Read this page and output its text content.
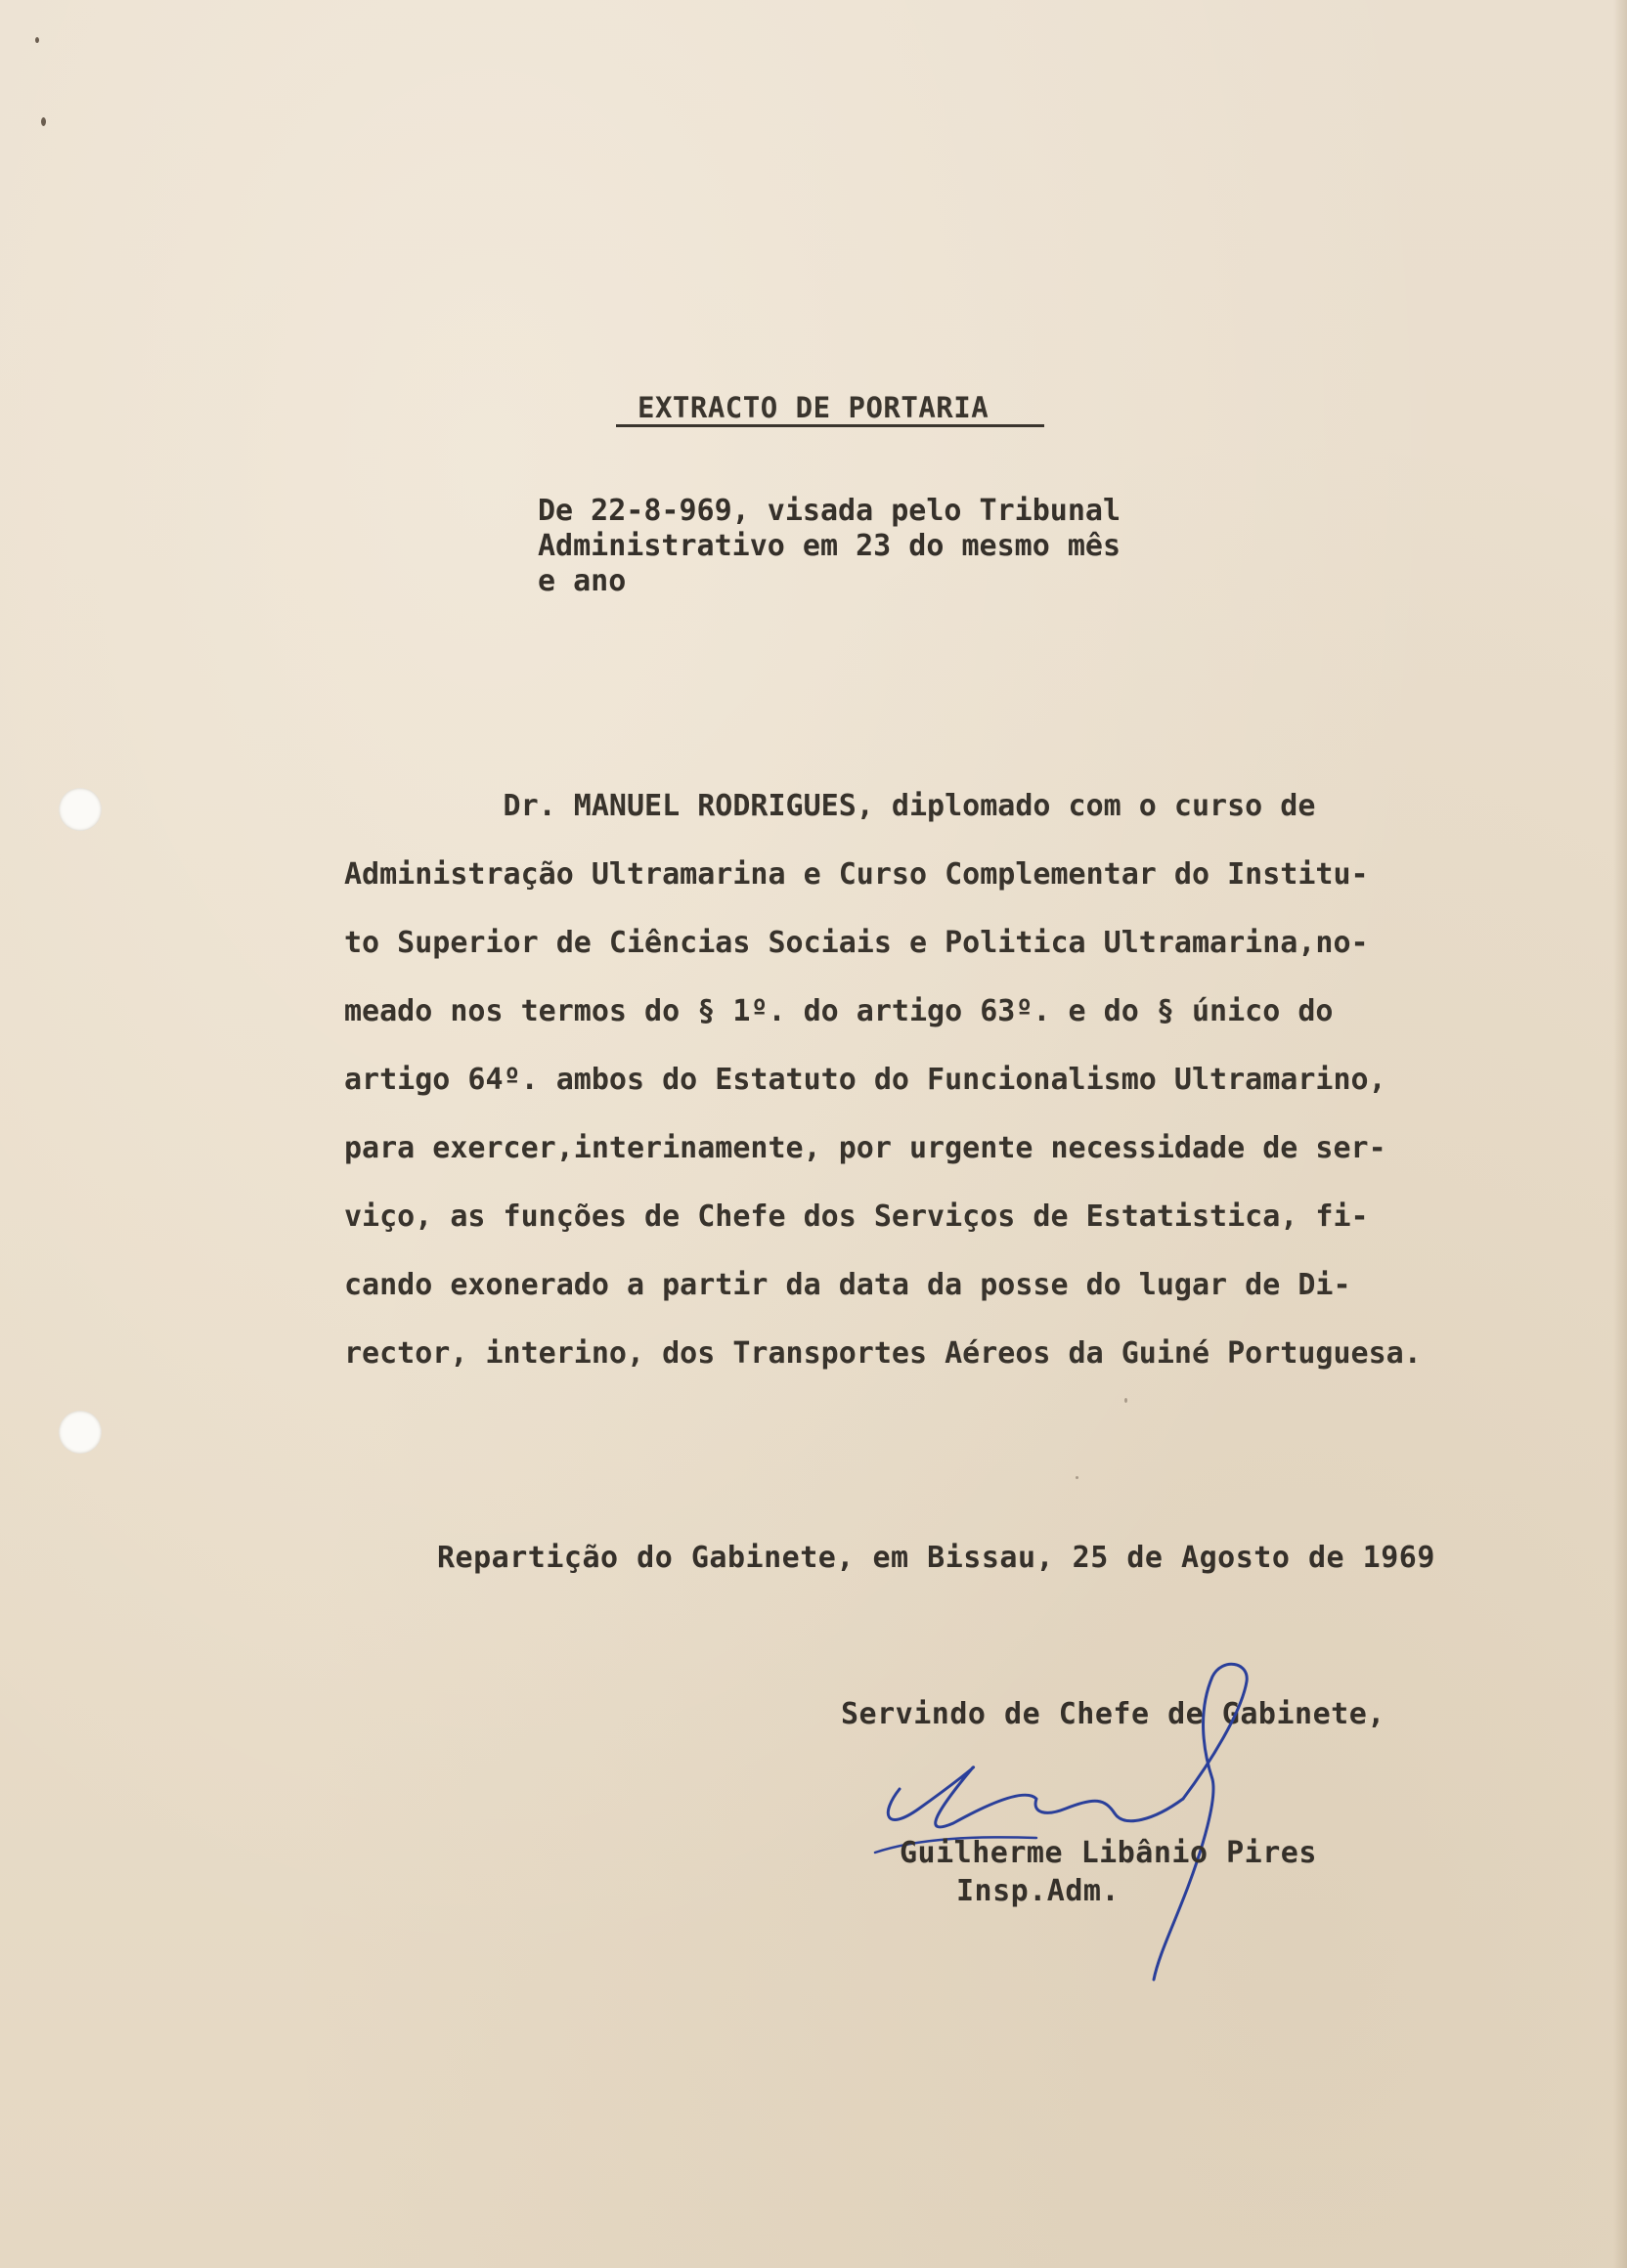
EXTRACTO DE PORTARIA
De 22-8-969, visada pelo Tribunal
Administrativo em 23 do mesmo mês
e ano
Dr. MANUEL RODRIGUES, diplomado com o curso de
Administração Ultramarina e Curso Complementar do Institu-
to Superior de Ciências Sociais e Politica Ultramarina,no-
meado nos termos do § 1º. do artigo 63º. e do § único do
artigo 64º. ambos do Estatuto do Funcionalismo Ultramarino,
para exercer,interinamente, por urgente necessidade de ser-
viço, as funções de Chefe dos Serviços de Estatistica, fi-
cando exonerado a partir da data da posse do lugar de Di-
rector, interino, dos Transportes Aéreos da Guiné Portuguesa.
Repartição do Gabinete, em Bissau, 25 de Agosto de 1969
Servindo de Chefe de Gabinete,
Guilherme Libânio Pires
Insp.Adm.
